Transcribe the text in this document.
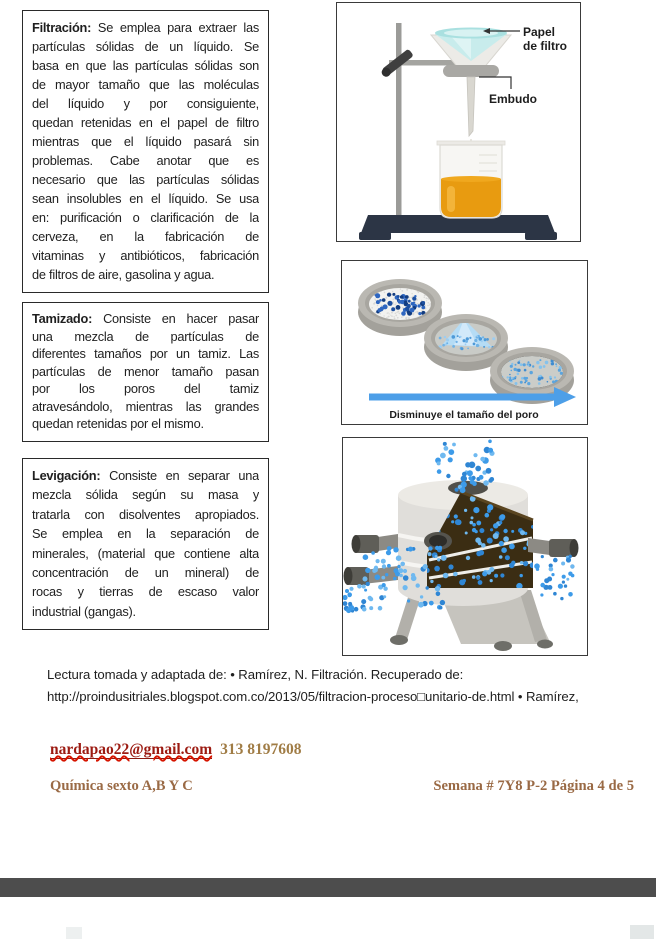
Filtración: Se emplea para extraer las
partículas sólidas de un líquido. Se
basa en que las partículas sólidas son
de mayor tamaño que las moléculas
del líquido y por consiguiente,
quedan retenidas en el papel de filtro
mientras que el líquido pasará sin
problemas. Cabe anotar que es
necesario que las partículas sólidas
sean insolubles en el líquido. Se usa
en: purificación o clarificación de la
cerveza, en la fabricación de
vitaminas y antibióticos, fabricación
de filtros de aire, gasolina y agua.
Tamizado: Consiste en hacer pasar
una mezcla de partículas de
diferentes tamaños por un tamiz. Las
partículas de menor tamaño pasan
por los poros del tamiz
atravesándolo, mientras las grandes
quedan retenidas por el mismo.
Levigación: Consiste en separar una
mezcla sólida según su masa y
tratarla con disolventes apropiados.
Se emplea en la separación de
minerales, (material que contiene alta
concentración de un mineral) de
rocas y tierras de escaso valor
industrial (gangas).
Papel
de filtro
Embudo
Disminuye el tamaño del poro
Lectura tomada y adaptada de: • Ramírez, N. Filtración. Recuperado de:
http://proindusitriales.blogspot.com.co/2013/05/filtracion-proceso□unitario-de.html • Ramírez,
nardapao22@gmail.com 313 8197608
Química sexto A,B Y C	Semana # 7Y8 P-2 Página 4 de 5
